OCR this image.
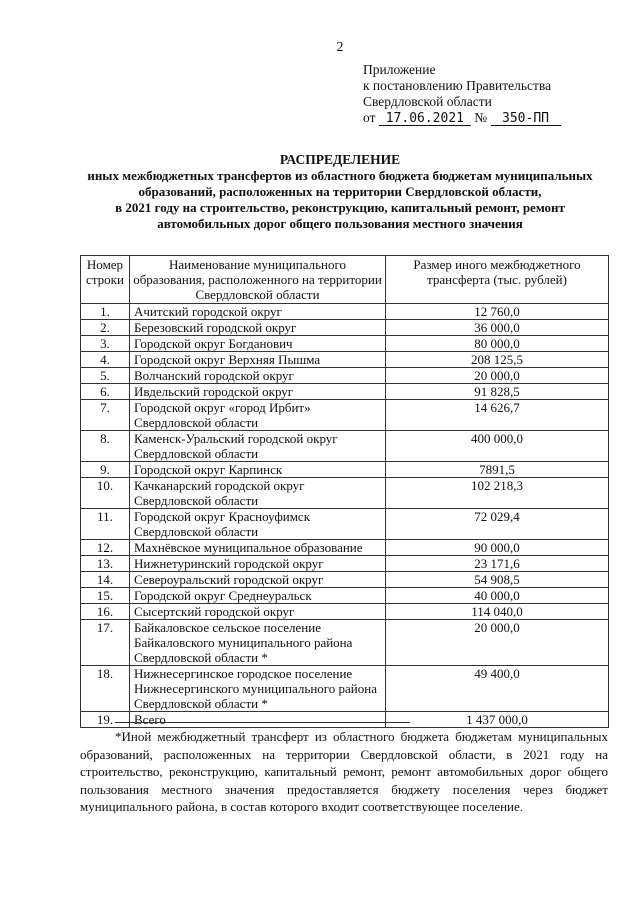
2
Приложение
к постановлению Правительства
Свердловской области
от 17.06.2021 № 350-ПП
РАСПРЕДЕЛЕНИЕ
иных межбюджетных трансфертов из областного бюджета бюджетам муниципальных
образований, расположенных на территории Свердловской области,
в 2021 году на строительство, реконструкцию, капитальный ремонт, ремонт
автомобильных дорог общего пользования местного значения
Номер строки	Наименование муниципального образования, расположенного на территории Свердловской области	Размер иного межбюджетного трансферта (тыс. рублей)
1.	Ачитский городской округ	12 760,0
2.	Березовский городской округ	36 000,0
3.	Городской округ Богданович	80 000,0
4.	Городской округ Верхняя Пышма	208 125,5
5.	Волчанский городской округ	20 000,0
6.	Ивдельский городской округ	91 828,5
7.	Городской округ «город Ирбит» Свердловской области	14 626,7
8.	Каменск-Уральский городской округ Свердловской области	400 000,0
9.	Городской округ Карпинск	7891,5
10.	Качканарский городской округ Свердловской области	102 218,3
11.	Городской округ Красноуфимск Свердловской области	72 029,4
12.	Махнёвское муниципальное образование	90 000,0
13.	Нижнетуринский городской округ	23 171,6
14.	Североуральский городской округ	54 908,5
15.	Городской округ Среднеуральск	40 000,0
16.	Сысертский городской округ	114 040,0
17.	Байкаловское сельское поселение Байкаловского муниципального района Свердловской области *	20 000,0
18.	Нижнесергинское городское поселение Нижнесергинского муниципального района Свердловской области *	49 400,0
19.	Всего	1 437 000,0
*Иной межбюджетный трансферт из областного бюджета бюджетам муниципальных образований, расположенных на территории Свердловской области, в 2021 году на строительство, реконструкцию, капитальный ремонт, ремонт автомобильных дорог общего пользования местного значения предоставляется бюджету поселения через бюджет муниципального района, в состав которого входит соответствующее поселение.
